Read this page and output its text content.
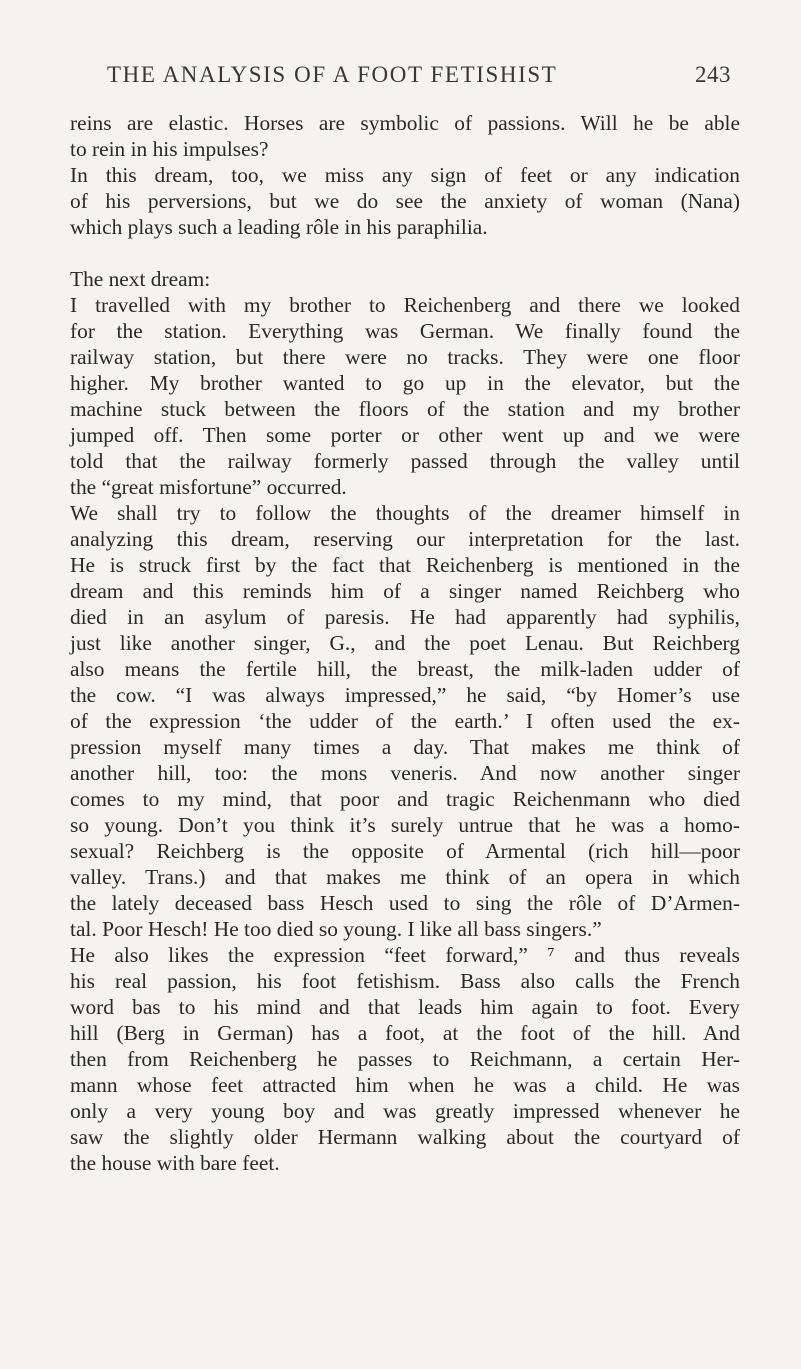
THE ANALYSIS OF A FOOT FETISHIST	243
reins are elastic. Horses are symbolic of passions. Will he be able
to rein in his impulses?
In this dream, too, we miss any sign of feet or any indication
of his perversions, but we do see the anxiety of woman (Nana)
which plays such a leading rôle in his paraphilia.
The next dream:
I travelled with my brother to Reichenberg and there we looked
for the station. Everything was German. We finally found the
railway station, but there were no tracks. They were one floor
higher. My brother wanted to go up in the elevator, but the
machine stuck between the floors of the station and my brother
jumped off. Then some porter or other went up and we were
told that the railway formerly passed through the valley until
the “great misfortune” occurred.
We shall try to follow the thoughts of the dreamer himself in
analyzing this dream, reserving our interpretation for the last.
He is struck first by the fact that Reichenberg is mentioned in the
dream and this reminds him of a singer named Reichberg who
died in an asylum of paresis. He had apparently had syphilis,
just like another singer, G., and the poet Lenau. But Reichberg
also means the fertile hill, the breast, the milk-laden udder of
the cow. “I was always impressed,” he said, “by Homer’s use
of the expression ‘the udder of the earth.’ I often used the ex-
pression myself many times a day. That makes me think of
another hill, too: the mons veneris. And now another singer
comes to my mind, that poor and tragic Reichenmann who died
so young. Don’t you think it’s surely untrue that he was a homo-
sexual? Reichberg is the opposite of Armental (rich hill—poor
valley. Trans.) and that makes me think of an opera in which
the lately deceased bass Hesch used to sing the rôle of D’Armen-
tal. Poor Hesch! He too died so young. I like all bass singers.”
He also likes the expression “feet forward,” ⁷ and thus reveals
his real passion, his foot fetishism. Bass also calls the French
word bas to his mind and that leads him again to foot. Every
hill (Berg in German) has a foot, at the foot of the hill. And
then from Reichenberg he passes to Reichmann, a certain Her-
mann whose feet attracted him when he was a child. He was
only a very young boy and was greatly impressed whenever he
saw the slightly older Hermann walking about the courtyard of
the house with bare feet.
